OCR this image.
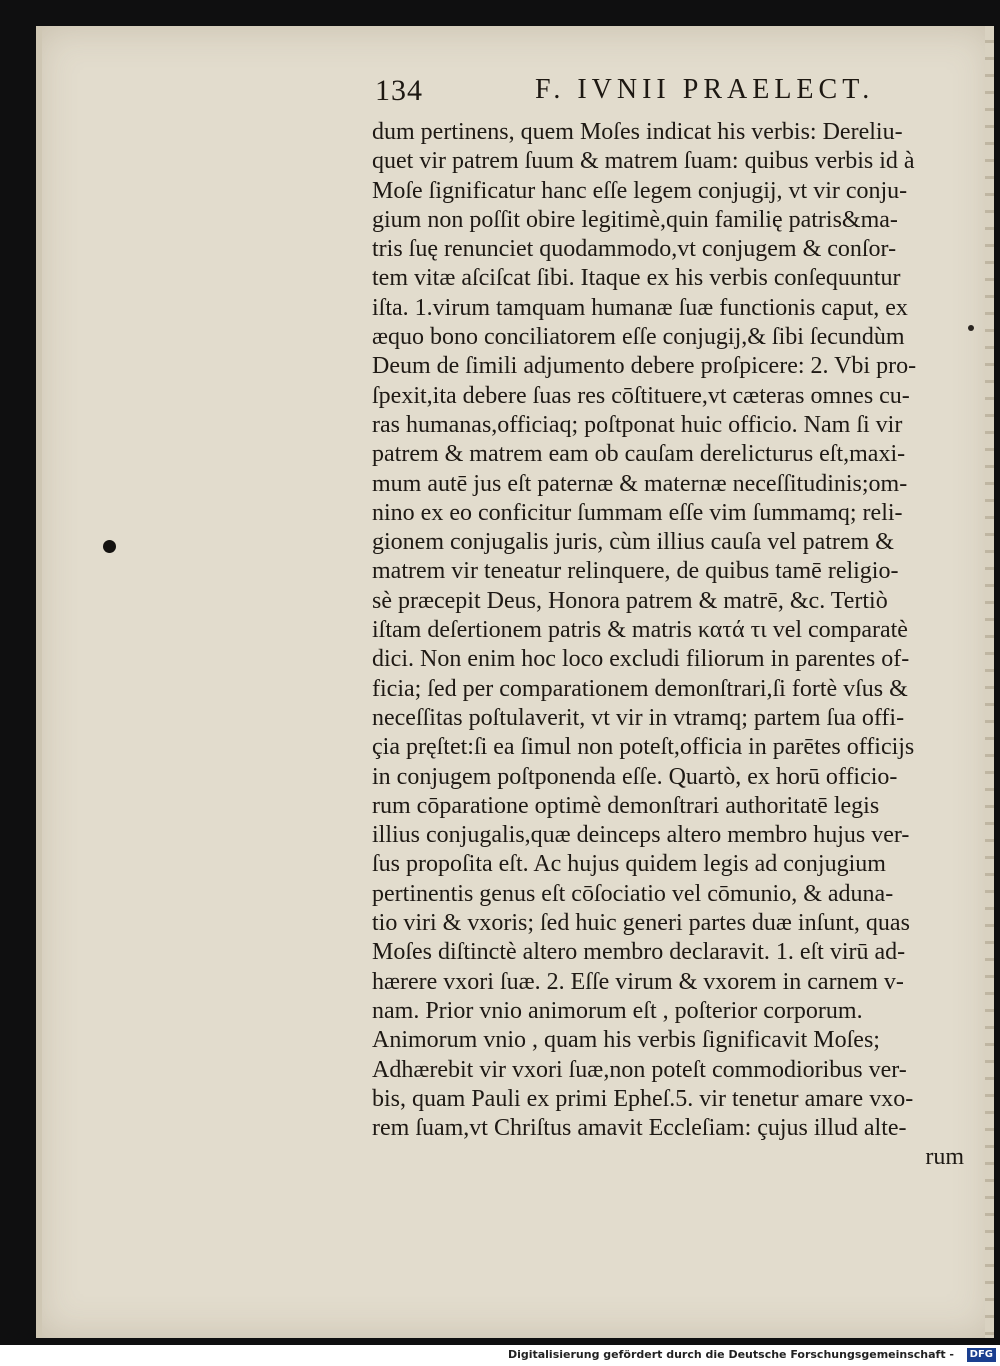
134	F. IVNII PRAELECT.
dum pertinens, quem Moſes indicat his verbis: Dereliu-
quet vir patrem ſuum & matrem ſuam: quibus verbis id à
Moſe ſignificatur hanc eſſe legem conjugij, vt vir conju-
gium non poſſit obire legitimè,quin familię patris&ma-
tris ſuę renunciet quodammodo,vt conjugem & conſor-
tem vitæ aſciſcat ſibi. Itaque ex his verbis conſequuntur
iſta. 1.virum tamquam humanæ ſuæ functionis caput, ex
æquo bono conciliatorem eſſe conjugij,& ſibi ſecundùm
Deum de ſimili adjumento debere proſpicere: 2. Vbi pro-
ſpexit,ita debere ſuas res cōſtituere,vt cæteras omnes cu-
ras humanas,officiaq; poſtponat huic officio. Nam ſi vir
patrem & matrem eam ob cauſam derelicturus eſt,maxi-
mum autē jus eſt paternæ & maternæ neceſſitudinis;om-
nino ex eo conficitur ſummam eſſe vim ſummamq; reli-
gionem conjugalis juris, cùm illius cauſa vel patrem &
matrem vir teneatur relinquere, de quibus tamē religio-
sè præcepit Deus, Honora patrem & matrē, &c. Tertiò
iſtam deſertionem patris & matris κατά τι vel comparatè
dici. Non enim hoc loco excludi filiorum in parentes of-
ficia; ſed per comparationem demonſtrari,ſi fortè vſus &
neceſſitas poſtulaverit, vt vir in vtramq; partem ſua offi-
çia pręſtet:ſi ea ſimul non poteſt,officia in parētes officijs
in conjugem poſtponenda eſſe. Quartò, ex horū officio-
rum cōparatione optimè demonſtrari authoritatē legis
illius conjugalis,quæ deinceps altero membro hujus ver-
ſus propoſita eſt. Ac hujus quidem legis ad conjugium
pertinentis genus eſt cōſociatio vel cōmunio, & aduna-
tio viri & vxoris; ſed huic generi partes duæ inſunt, quas
Moſes diſtinctè altero membro declaravit. 1. eſt virū ad-
hærere vxori ſuæ. 2. Eſſe virum & vxorem in carnem v-
nam. Prior vnio animorum eſt , poſterior corporum.
Animorum vnio , quam his verbis ſignificavit Moſes;
Adhærebit vir vxori ſuæ,non poteſt commodioribus ver-
bis, quam Pauli ex primi Epheſ.5. vir tenetur amare vxo-
rem ſuam,vt Chriſtus amavit Eccleſiam: çujus illud alte-
rum
Digitalisierung gefördert durch die Deutsche Forschungsgemeinschaft -	DFG
